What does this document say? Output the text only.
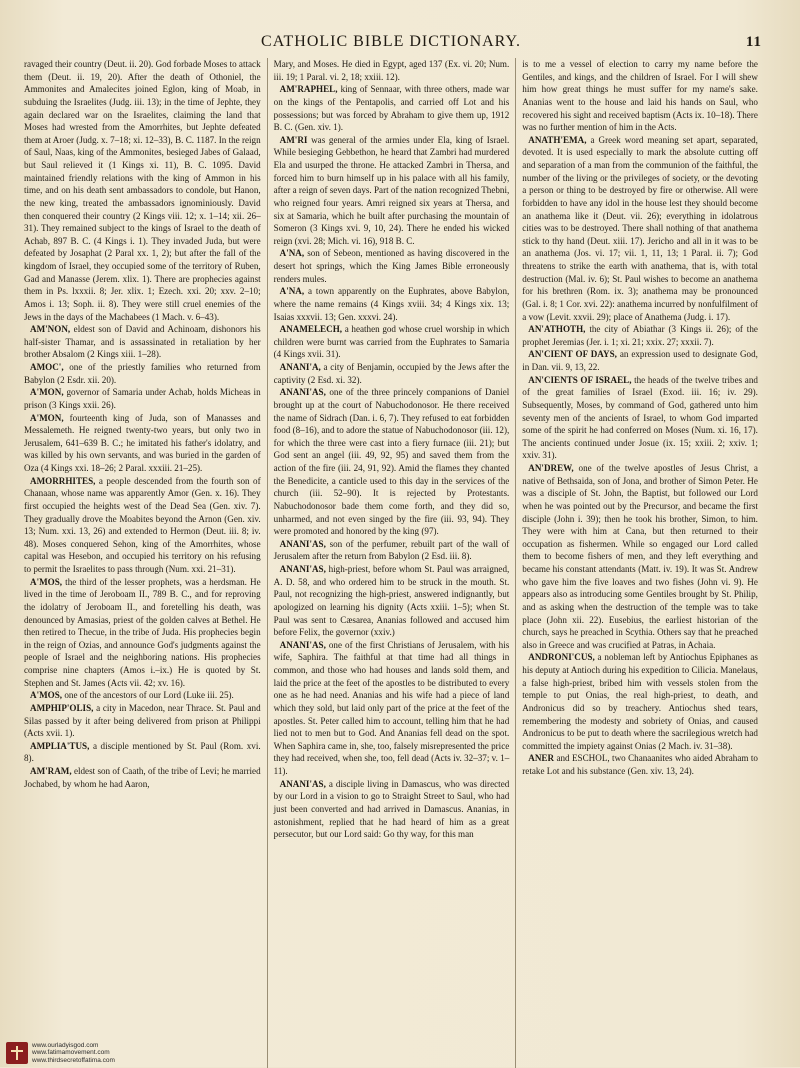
CATHOLIC BIBLE DICTIONARY.	11

ravaged their country (Deut. ii. 20). God forbade Moses to attack them (Deut. ii. 19, 20). After the death of Othoniel, the Ammonites and Amalecites joined Eglon, king of Moab, in subduing the Israelites (Judg. iii. 13); in the time of Jephte, they again declared war on the Israelites, claiming the land that Moses had wrested from the Amorrhites, but Jephte defeated them at Aroer (Judg. x. 7–18; xi. 12–33), B. C. 1187. In the reign of Saul, Naas, king of the Ammonites, besieged Jabes of Galaad, but Saul relieved it (1 Kings xi. 11), B. C. 1095. David maintained friendly relations with the king of Ammon in his time, and on his death sent ambassadors to condole, but Hanon, the new king, treated the ambassadors ignominiously. David then conquered their country (2 Kings viii. 12; x. 1–14; xii. 26–31). They remained subject to the kings of Israel to the death of Achab, 897 B. C. (4 Kings i. 1). They invaded Juda, but were defeated by Josaphat (2 Paral xx. 1, 2); but after the fall of the kingdom of Israel, they occupied some of the territory of Ruben, Gad and Manasse (Jerem. xlix. 1). There are prophecies against them in Ps. lxxxii. 8; Jer. xlix. 1; Ezech. xxi. 20; xxv. 2–10; Amos i. 13; Soph. ii. 8). They were still cruel enemies of the Jews in the days of the Machabees (1 Mach. v. 6–43).

AM'NON, eldest son of David and Achinoam, dishonors his half-sister Thamar, and is assassinated in retaliation by her brother Absalom (2 Kings xiii. 1–28).

AMOC', one of the priestly families who returned from Babylon (2 Esdr. xii. 20).

A'MON, governor of Samaria under Achab, holds Micheas in prison (3 Kings xxii. 26).

A'MON, fourteenth king of Juda, son of Manasses and Messalemeth. He reigned twenty-two years, but only two in Jerusalem, 641–639 B. C.; he imitated his father's idolatry, and was killed by his own servants, and was buried in the garden of Oza (4 Kings xxi. 18–26; 2 Paral. xxxiii. 21–25).

AMORRHITES, a people descended from the fourth son of Chanaan, whose name was apparently Amor (Gen. x. 16). They first occupied the heights west of the Dead Sea (Gen. xiv. 7). They gradually drove the Moabites beyond the Arnon (Gen. xiv. 13; Num. xxi. 13, 26) and extended to Hermon (Deut. iii. 8; iv. 48). Moses conquered Sehon, king of the Amorrhites, whose capital was Hesebon, and occupied his territory on his refusing to permit the Israelites to pass through (Num. xxi. 21–31).

A'MOS, the third of the lesser prophets, was a herdsman. He lived in the time of Jeroboam II., 789 B. C., and for reproving the idolatry of Jeroboam II., and foretelling his death, was denounced by Amasias, priest of the golden calves at Bethel. He then retired to Thecue, in the tribe of Juda. His prophecies begin in the reign of Ozias, and announce God's judgments against the people of Israel and the neighboring nations. His prophecies comprise nine chapters (Amos i.–ix.) He is quoted by St. Stephen and St. James (Acts vii. 42; xv. 16).

A'MOS, one of the ancestors of our Lord (Luke iii. 25).

AMPHIP'OLIS, a city in Macedon, near Thrace. St. Paul and Silas passed by it after being delivered from prison at Philippi (Acts xvii. 1).

AMPLIA'TUS, a disciple mentioned by St. Paul (Rom. xvi. 8).

AM'RAM, eldest son of Caath, of the tribe of Levi; he married Jochabed, by whom he had Aaron,

Mary, and Moses. He died in Egypt, aged 137 (Ex. vi. 20; Num. iii. 19; 1 Paral. vi. 2, 18; xxiii. 12).

AM'RAPHEL, king of Sennaar, with three others, made war on the kings of the Pentapolis, and carried off Lot and his possessions; but was forced by Abraham to give them up, 1912 B. C. (Gen. xiv. 1).

AM'RI was general of the armies under Ela, king of Israel. While besieging Gebbethon, he heard that Zambri had murdered Ela and usurped the throne. He attacked Zambri in Thersa, and forced him to burn himself up in his palace with all his family, after a reign of seven days. Part of the nation recognized Thebni, who reigned four years. Amri reigned six years at Thersa, and six at Samaria, which he built after purchasing the mountain of Someron (3 Kings xvi. 9, 10, 24). There he ended his wicked reign (xvi. 28; Mich. vi. 16), 918 B. C.

A'NA, son of Sebeon, mentioned as having discovered in the desert hot springs, which the King James Bible erroneously renders mules.

A'NA, a town apparently on the Euphrates, above Babylon, where the name remains (4 Kings xviii. 34; 4 Kings xix. 13; Isaias xxxvii. 13; Gen. xxxvi. 24).

ANAMELECH, a heathen god whose cruel worship in which children were burnt was carried from the Euphrates to Samaria (4 Kings xvii. 31).

ANANI'A, a city of Benjamin, occupied by the Jews after the captivity (2 Esd. xi. 32).

ANANI'AS, one of the three princely companions of Daniel brought up at the court of Nabuchodonosor. He there received the name of Sidrach (Dan. i. 6, 7). They refused to eat forbidden food (8–16), and to adore the statue of Nabuchodonosor (iii. 12), for which the three were cast into a fiery furnace (iii. 21); but God sent an angel (iii. 49, 92, 95) and saved them from the action of the fire (iii. 24, 91, 92). Amid the flames they chanted the Benedicite, a canticle used to this day in the services of the church (iii. 52–90). It is rejected by Protestants. Nabuchodonosor bade them come forth, and they did so, unharmed, and not even singed by the fire (iii. 93, 94). They were promoted and honored by the king (97).

ANANI'AS, son of the perfumer, rebuilt part of the wall of Jerusalem after the return from Babylon (2 Esd. iii. 8).

ANANI'AS, high-priest, before whom St. Paul was arraigned, A. D. 58, and who ordered him to be struck in the mouth. St. Paul, not recognizing the high-priest, answered indignantly, but apologized on learning his dignity (Acts xxiii. 1–5); when St. Paul was sent to Cæsarea, Ananias followed and accused him before Felix, the governor (xxiv.)

ANANI'AS, one of the first Christians of Jerusalem, with his wife, Saphira. The faithful at that time had all things in common, and those who had houses and lands sold them, and laid the price at the feet of the apostles to be distributed to every one as he had need. Ananias and his wife had a piece of land which they sold, but laid only part of the price at the feet of the apostles. St. Peter called him to account, telling him that he had lied not to men but to God. And Ananias fell dead on the spot. When Saphira came in, she, too, falsely misrepresented the price they had received, when she, too, fell dead (Acts iv. 32–37; v. 1–11).

ANANI'AS, a disciple living in Damascus, who was directed by our Lord in a vision to go to Straight Street to Saul, who had just been converted and had arrived in Damascus. Ananias, in astonishment, replied that he had heard of him as a great persecutor, but our Lord said: Go thy way, for this man

is to me a vessel of election to carry my name before the Gentiles, and kings, and the children of Israel. For I will shew him how great things he must suffer for my name's sake. Ananias went to the house and laid his hands on Saul, who recovered his sight and received baptism (Acts ix. 10–18). There was no further mention of him in the Acts.

ANATH'EMA, a Greek word meaning set apart, separated, devoted. It is used especially to mark the absolute cutting off and separation of a man from the communion of the faithful, the number of the living or the privileges of society, or the devoting a person or thing to be destroyed by fire or otherwise. All were forbidden to have any idol in the house lest they should become an anathema like it (Deut. vii. 26); everything in idolatrous cities was to be destroyed. There shall nothing of that anathema stick to thy hand (Deut. xiii. 17). Jericho and all in it was to be an anathema (Jos. vi. 17; vii. 1, 11, 13; 1 Paral. ii. 7); God threatens to strike the earth with anathema, that is, with total destruction (Mal. iv. 6); St. Paul wishes to become an anathema for his brethren (Rom. ix. 3); anathema may be pronounced (Gal. i. 8; 1 Cor. xvi. 22): anathema incurred by nonfulfilment of a vow (Levit. xxvii. 29); place of Anathema (Judg. i. 17).

AN'ATHOTH, the city of Abiathar (3 Kings ii. 26); of the prophet Jeremias (Jer. i. 1; xi. 21; xxix. 27; xxxii. 7).

AN'CIENT OF DAYS, an expression used to designate God, in Dan. vii. 9, 13, 22.

AN'CIENTS OF ISRAEL, the heads of the twelve tribes and of the great families of Israel (Exod. iii. 16; iv. 29). Subsequently, Moses, by command of God, gathered unto him seventy men of the ancients of Israel, to whom God imparted some of the spirit he had conferred on Moses (Num. xi. 16, 17). The ancients continued under Josue (ix. 15; xxiii. 2; xxiv. 1; xxiv. 31).

AN'DREW, one of the twelve apostles of Jesus Christ, a native of Bethsaida, son of Jona, and brother of Simon Peter. He was a disciple of St. John, the Baptist, but followed our Lord when he was pointed out by the Precursor, and became the first disciple (John i. 39); then he took his brother, Simon, to him. They were with him at Cana, but then returned to their occupation as fishermen. While so engaged our Lord called them to become fishers of men, and they left everything and became his constant attendants (Matt. iv. 19). It was St. Andrew who gave him the five loaves and two fishes (John vi. 9). He appears also as introducing some Gentiles brought by St. Philip, and as asking when the destruction of the temple was to take place (John xii. 22). Eusebius, the earliest historian of the church, says he preached in Scythia. Others say that he preached also in Greece and was crucified at Patras, in Achaia.

ANDRONI'CUS, a nobleman left by Antiochus Epiphanes as his deputy at Antioch during his expedition to Cilicia. Manelaus, a false high-priest, bribed him with vessels stolen from the temple to put Onias, the real high-priest, to death, and Andronicus did so by treachery. Antiochus shed tears, remembering the modesty and sobriety of Onias, and caused Andronicus to be put to death where the sacrilegious wretch had committed the impiety against Onias (2 Mach. iv. 31–38).

ANER and ESCHOL, two Chanaanites who aided Abraham to retake Lot and his substance (Gen. xiv. 13, 24).

www.ourladyisgod.com
www.fatimamovement.com
www.thirdsecretoffatima.com
